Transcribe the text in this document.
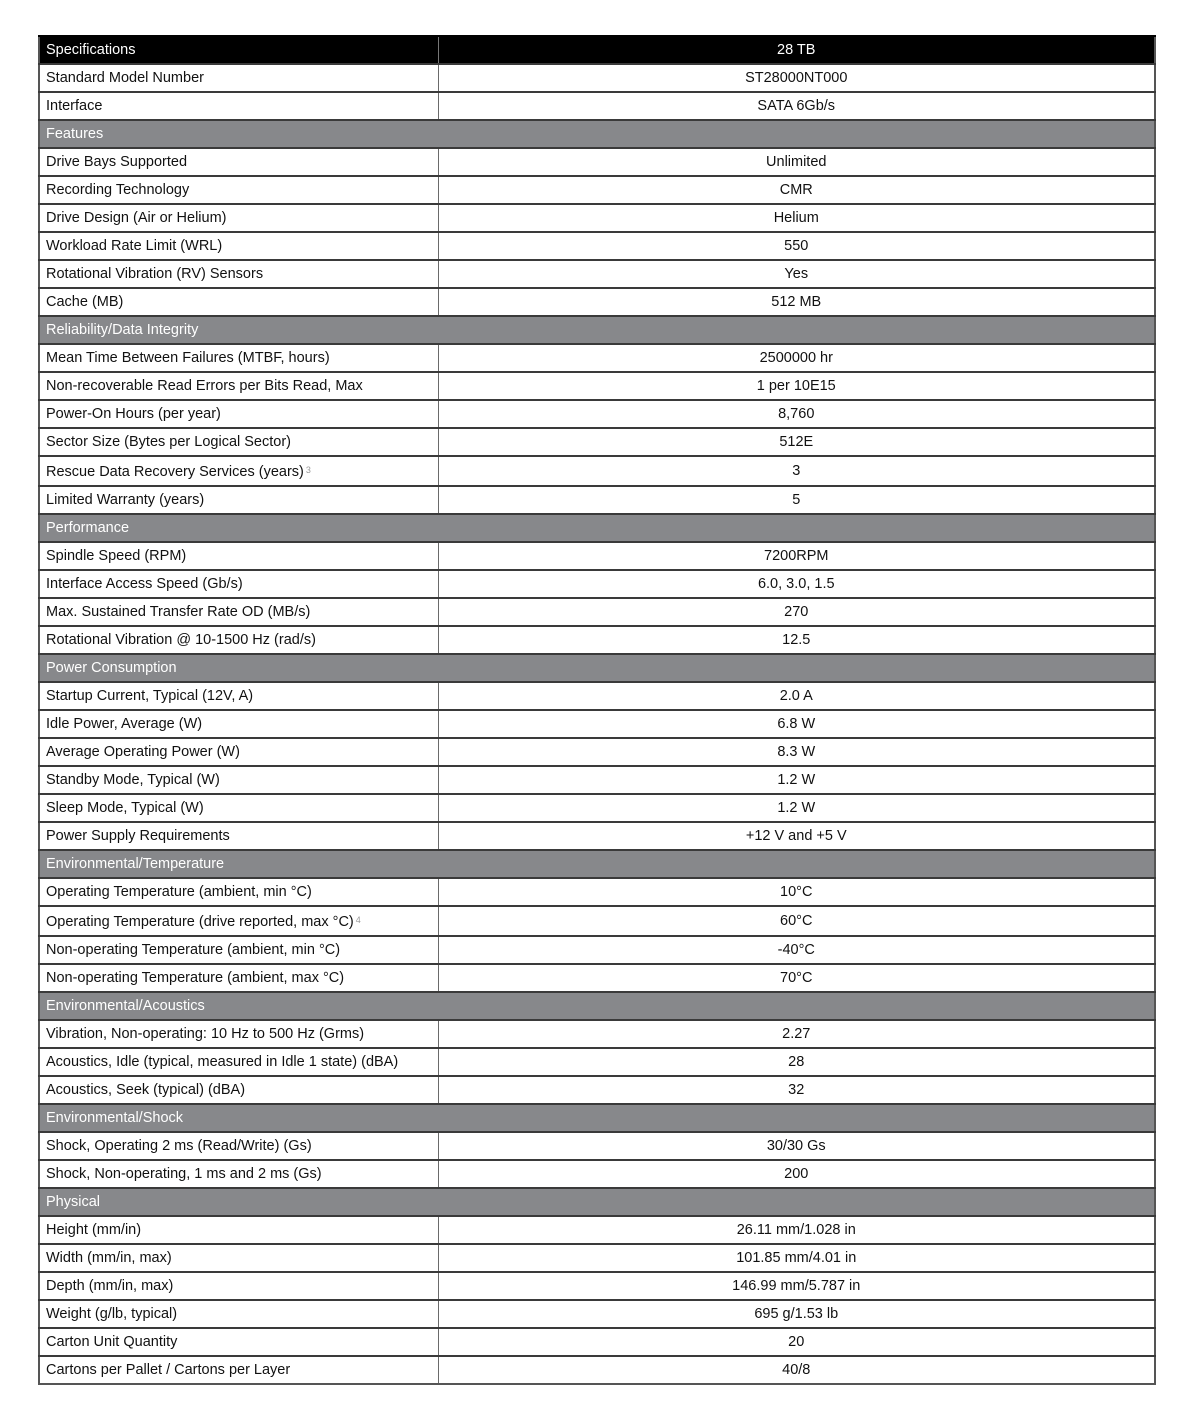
Specifications	28 TB
Standard Model Number	ST28000NT000
Interface	SATA 6Gb/s
Features	
Drive Bays Supported	Unlimited
Recording Technology	CMR
Drive Design (Air or Helium)	Helium
Workload Rate Limit (WRL)	550
Rotational Vibration (RV) Sensors	Yes
Cache (MB)	512 MB
Reliability/Data Integrity	
Mean Time Between Failures (MTBF, hours)	2500000 hr
Non-recoverable Read Errors per Bits Read, Max	1 per 10E15
Power-On Hours (per year)	8,760
Sector Size (Bytes per Logical Sector)	512E
Rescue Data Recovery Services (years) $^3$	3
Limited Warranty (years)	5
Performance	
Spindle Speed (RPM)	7200RPM
Interface Access Speed (Gb/s)	6.0, 3.0, 1.5
Max. Sustained Transfer Rate OD (MB/s)	270
Rotational Vibration @ 10-1500 Hz (rad/s)	12.5
Power Consumption	
Startup Current, Typical (12V, A)	2.0 A
Idle Power, Average (W)	6.8 W
Average Operating Power (W)	8.3 W
Standby Mode, Typical (W)	1.2 W
Sleep Mode, Typical (W)	1.2 W
Power Supply Requirements	+12 V and +5 V
Environmental/Temperature	
Operating Temperature (ambient, min °C)	10°C
Operating Temperature (drive reported, max °C) $^4$	60°C
Non-operating Temperature (ambient, min °C)	-40°C
Non-operating Temperature (ambient, max °C)	70°C
Environmental/Acoustics	
Vibration, Non-operating: 10 Hz to 500 Hz (Grms)	2.27
Acoustics, Idle (typical, measured in Idle 1 state) (dBA)	28
Acoustics, Seek (typical) (dBA)	32
Environmental/Shock	
Shock, Operating 2 ms (Read/Write) (Gs)	30/30 Gs
Shock, Non-operating, 1 ms and 2 ms (Gs)	200
Physical	
Height (mm/in)	26.11 mm/1.028 in
Width (mm/in, max)	101.85 mm/4.01 in
Depth (mm/in, max)	146.99 mm/5.787 in
Weight (g/lb, typical)	695 g/1.53 lb
Carton Unit Quantity	20
Cartons per Pallet / Cartons per Layer	40/8
